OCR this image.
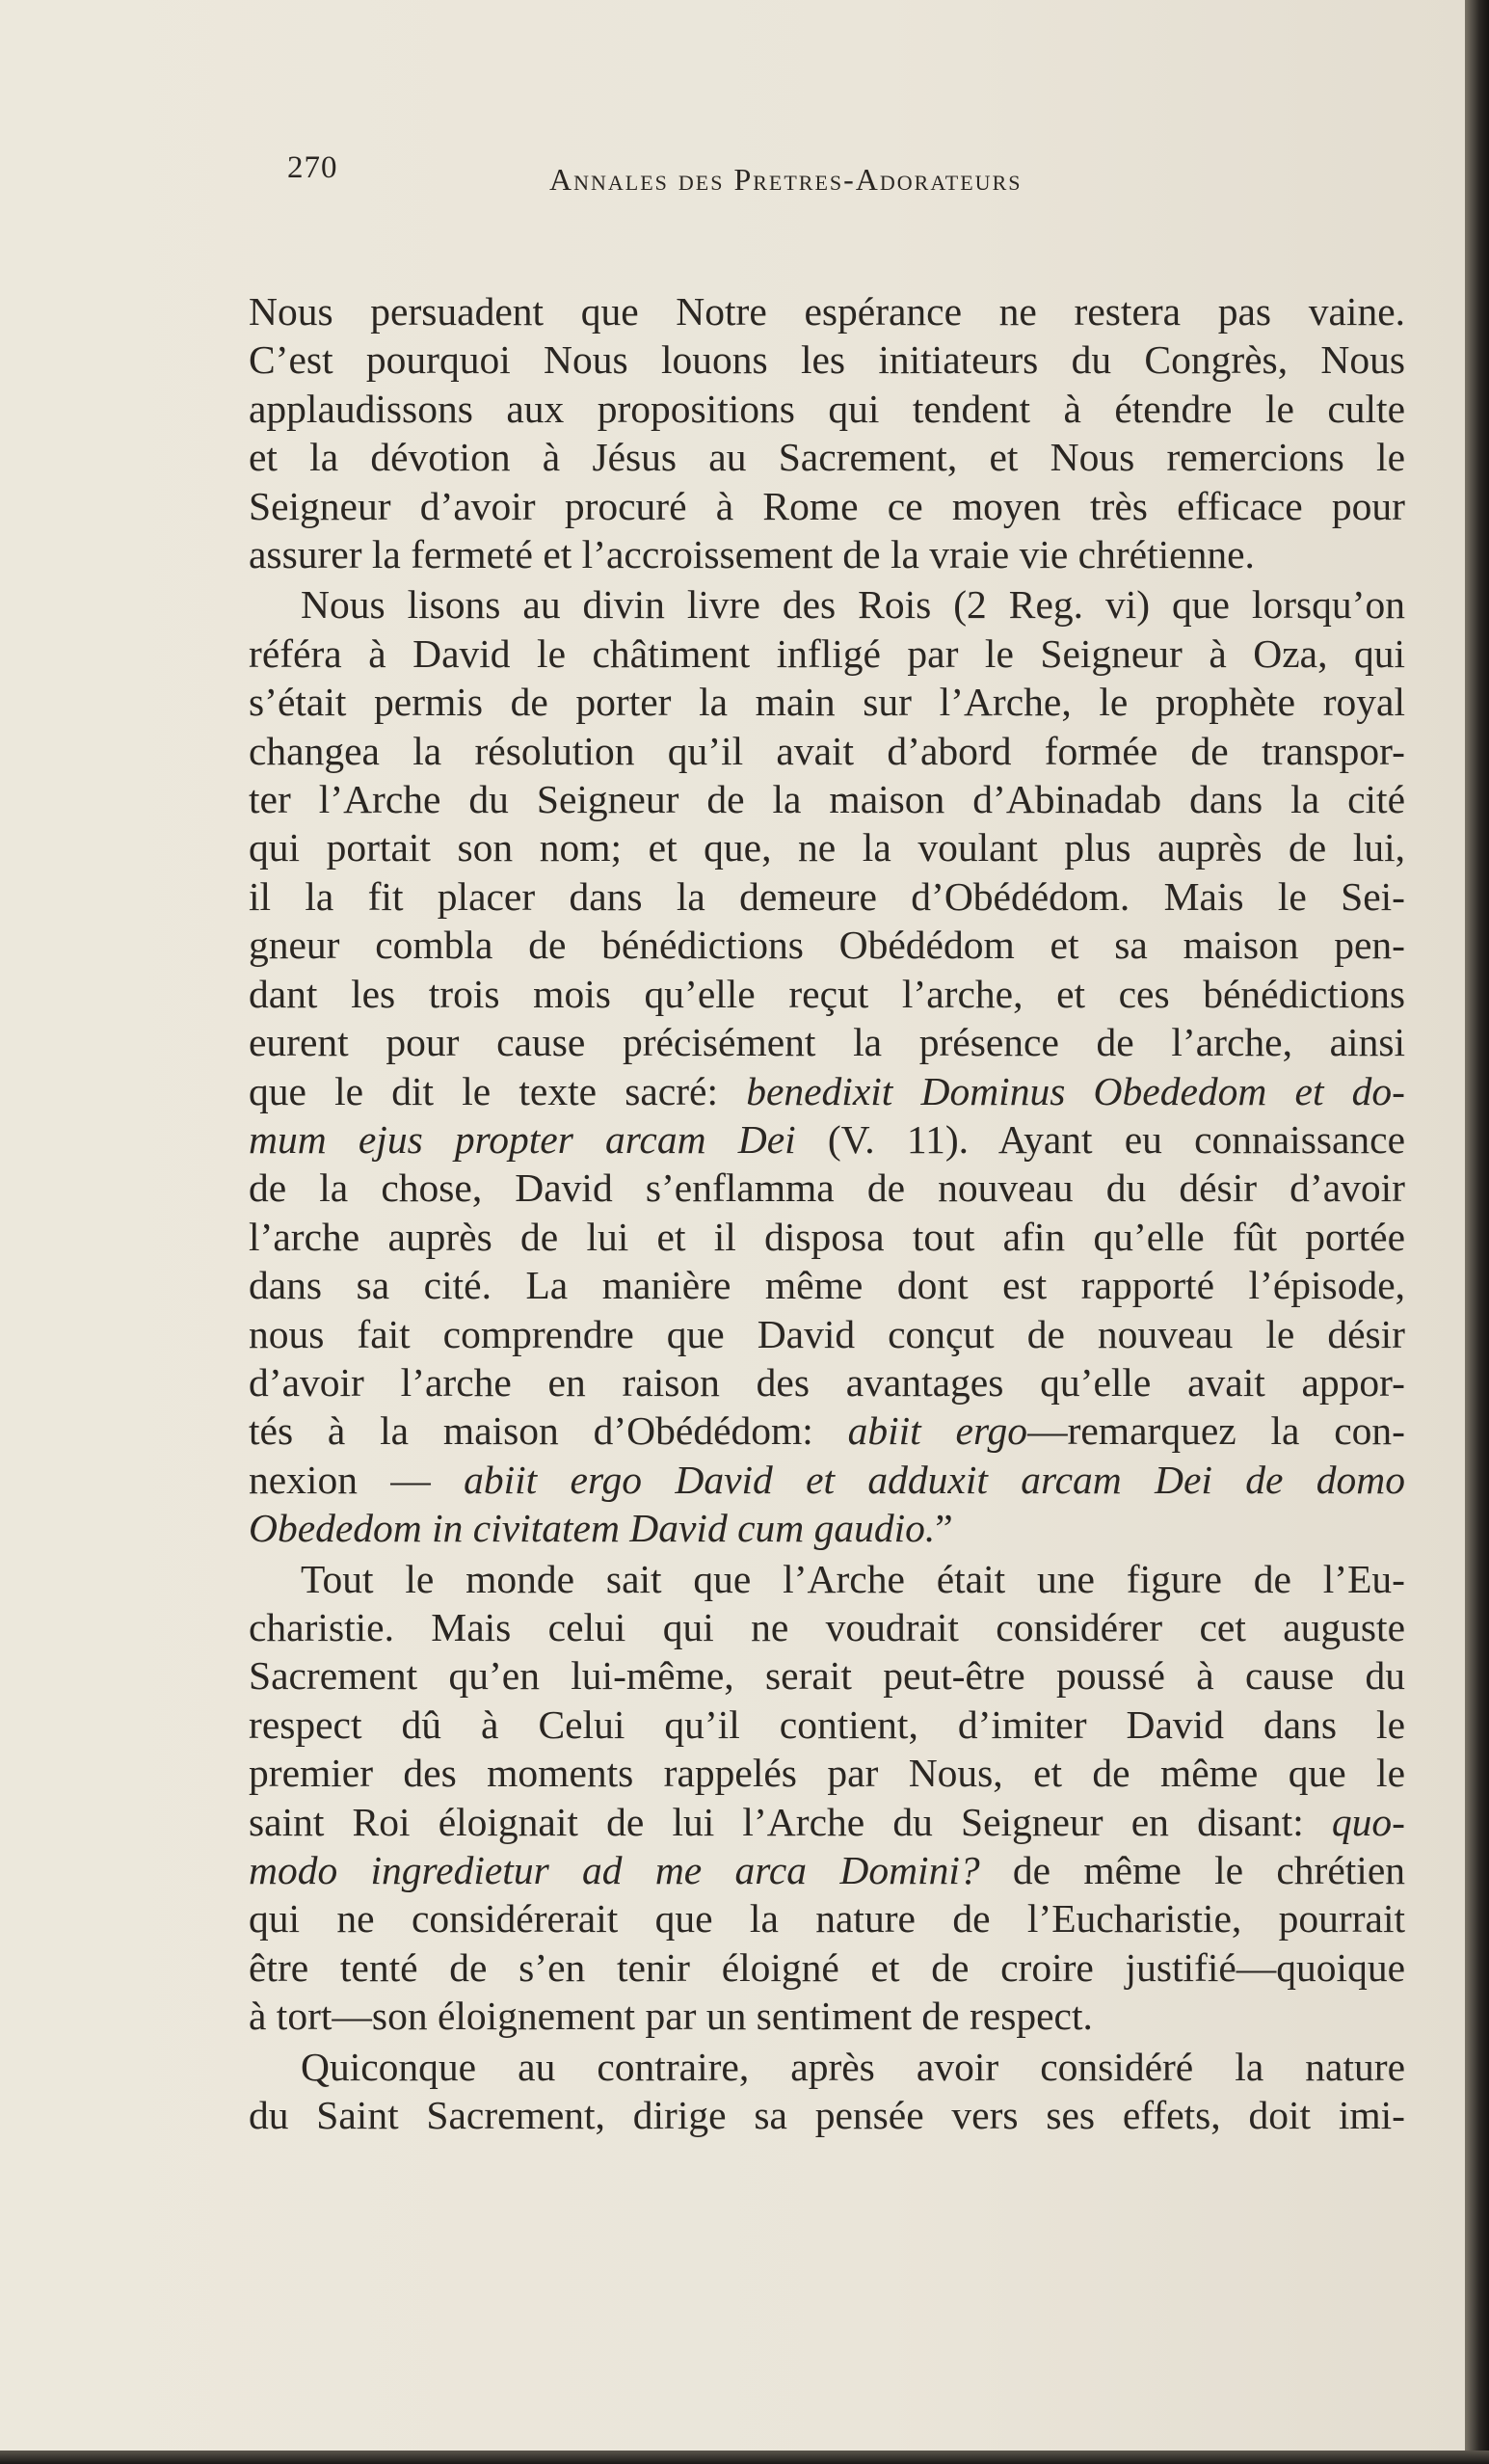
270	Annales des Pretres-Adorateurs

Nous persuadent que Notre espérance ne restera pas vaine.
C’est pourquoi Nous louons les initiateurs du Congrès, Nous
applaudissons aux propositions qui tendent à étendre le culte
et la dévotion à Jésus au Sacrement, et Nous remercions le
Seigneur d’avoir procuré à Rome ce moyen très efficace pour
assurer la fermeté et l’accroissement de la vraie vie chrétienne.

Nous lisons au divin livre des Rois (2 Reg. vi) que lorsqu’on
référa à David le châtiment infligé par le Seigneur à Oza, qui
s’était permis de porter la main sur l’Arche, le prophète royal
changea la résolution qu’il avait d’abord formée de transpor-
ter l’Arche du Seigneur de la maison d’Abinadab dans la cité
qui portait son nom; et que, ne la voulant plus auprès de lui,
il la fit placer dans la demeure d’Obédédom. Mais le Sei-
gneur combla de bénédictions Obédédom et sa maison pen-
dant les trois mois qu’elle reçut l’arche, et ces bénédictions
eurent pour cause précisément la présence de l’arche, ainsi
que le dit le texte sacré: benedixit Dominus Obededom et do-
mum ejus propter arcam Dei (V. 11). Ayant eu connaissance
de la chose, David s’enflamma de nouveau du désir d’avoir
l’arche auprès de lui et il disposa tout afin qu’elle fût portée
dans sa cité. La manière même dont est rapporté l’épisode,
nous fait comprendre que David conçut de nouveau le désir
d’avoir l’arche en raison des avantages qu’elle avait appor-
tés à la maison d’Obédédom: abiit ergo—remarquez la con-
nexion — abiit ergo David et adduxit arcam Dei de domo
Obededom in civitatem David cum gaudio.”

Tout le monde sait que l’Arche était une figure de l’Eu-
charistie. Mais celui qui ne voudrait considérer cet auguste
Sacrement qu’en lui-même, serait peut-être poussé à cause du
respect dû à Celui qu’il contient, d’imiter David dans le
premier des moments rappelés par Nous, et de même que le
saint Roi éloignait de lui l’Arche du Seigneur en disant: quo-
modo ingredietur ad me arca Domini? de même le chrétien
qui ne considérerait que la nature de l’Eucharistie, pourrait
être tenté de s’en tenir éloigné et de croire justifié—quoique
à tort—son éloignement par un sentiment de respect.

Quiconque au contraire, après avoir considéré la nature
du Saint Sacrement, dirige sa pensée vers ses effets, doit imi-
